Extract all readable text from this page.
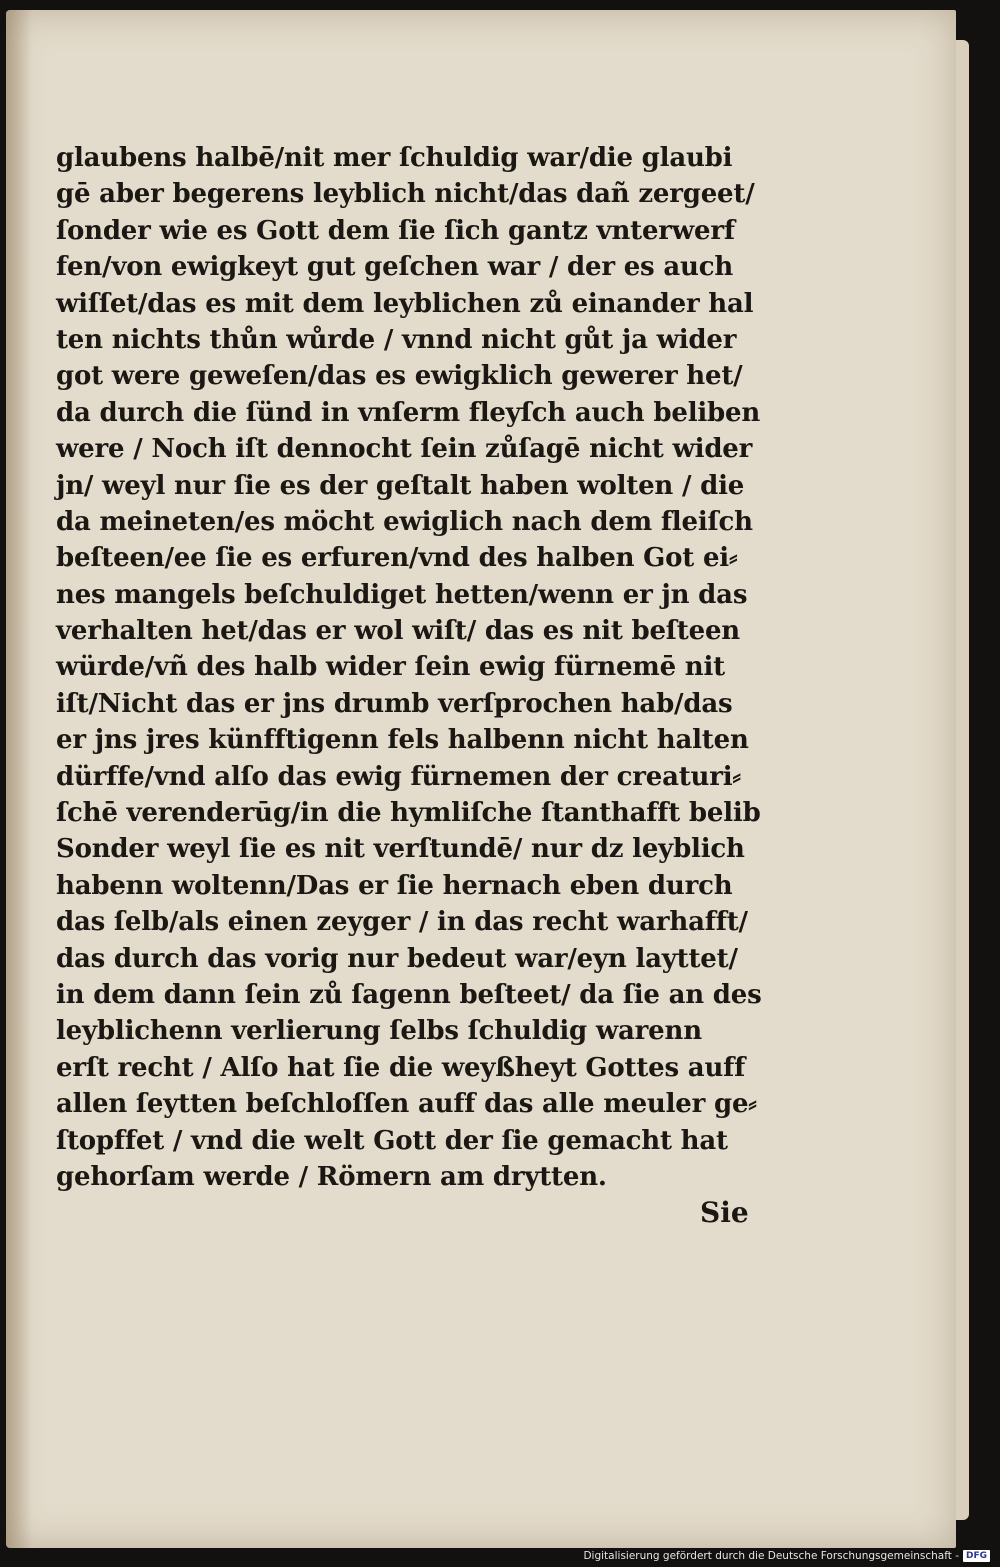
glaubens halbē/nit mer ſchuldig war/die glaubi
gē aber begerens leyblich nicht/das dañ zergeet/
ſonder wie es Gott dem ſie ſich gantz vnterwerf
fen/von ewigkeyt gut geſchen war / der es auch
wiſſet/das es mit dem leyblichen zů einander hal
ten nichts thůn wůrde / vnnd nicht gůt ja wider
got were geweſen/das es ewigklich gewerer het/
da durch die ſünd in vnſerm fleyſch auch beliben
were / Noch iſt dennocht ſein zůſagē nicht wider
jn/ weyl nur ſie es der geſtalt haben wolten / die
da meineten/es möcht ewiglich nach dem fleiſch
beſteen/ee ſie es erfuren/vnd des halben Got ei⸗
nes mangels beſchuldiget hetten/wenn er jn das
verhalten het/das er wol wiſt/ das es nit beſteen
würde/vñ des halb wider ſein ewig fürnemē nit
iſt/Nicht das er jns drumb verſprochen hab/das
er jns jres künfftigenn fels halbenn nicht halten
dürffe/vnd alſo das ewig fürnemen der creaturi⸗
ſchē verenderūg/in die hymliſche ſtanthafft belib
Sonder weyl ſie es nit verſtundē/ nur dz leyblich
habenn woltenn/Das er ſie hernach eben durch
das ſelb/als einen zeyger / in das recht warhafft/
das durch das vorig nur bedeut war/eyn layttet/
in dem dann ſein zů ſagenn beſteet/ da ſie an des
leyblichenn verlierung ſelbs ſchuldig warenn
erſt recht / Alſo hat ſie die weyßheyt Gottes auff
allen ſeytten beſchloſſen auff das alle meuler ge⸗
ſtopffet / vnd die welt Gott der ſie gemacht hat
gehorſam werde / Römern am drytten.
Sie
Digitalisierung gefördert durch die Deutsche Forschungsgemeinschaft - DFG
